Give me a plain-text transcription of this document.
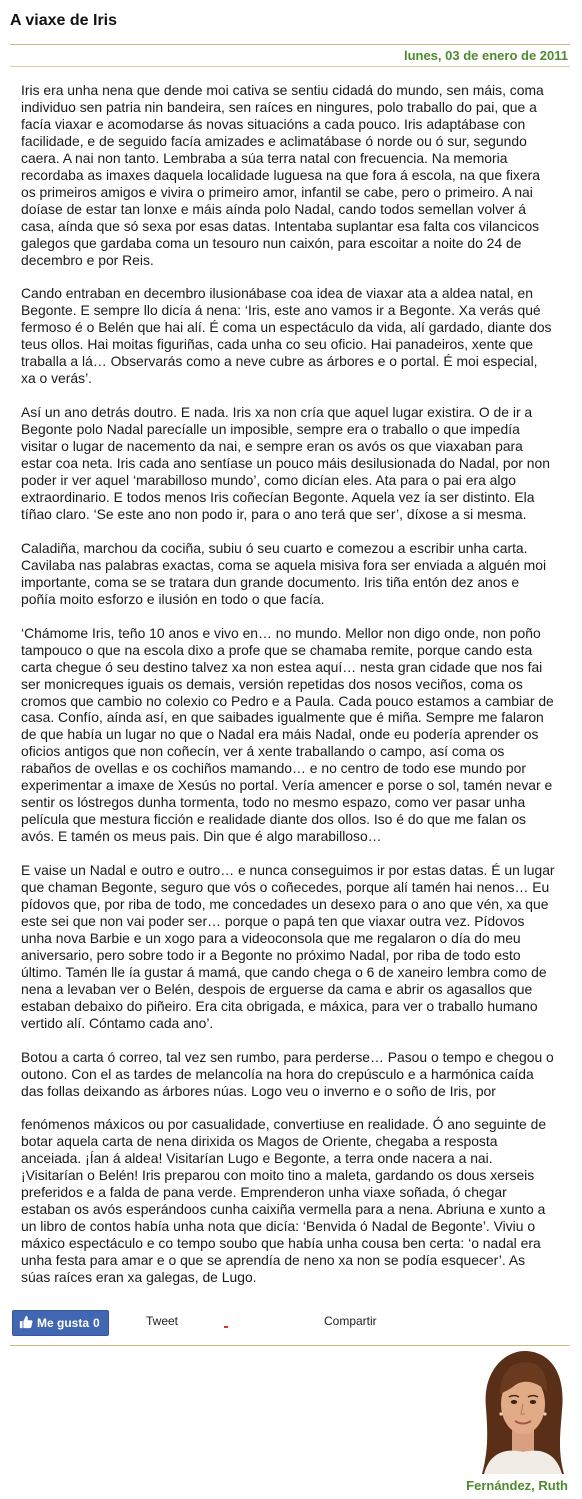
A viaxe de Iris
lunes, 03 de enero de 2011

Iris era unha nena que dende moi cativa se sentiu cidadá do mundo, sen máis, coma individuo sen patria nin bandeira, sen raíces en ningures, polo traballo do pai, que a facía viaxar e acomodarse ás novas situacións a cada pouco. Iris adaptábase con facilidade, e de seguido facía amizades e aclimatábase ó norde ou ó sur, segundo caera. A nai non tanto. Lembraba a súa terra natal con frecuencia. Na memoria recordaba as imaxes daquela localidade luguesa na que fora á escola, na que fixera os primeiros amigos e vivira o primeiro amor, infantil se cabe, pero o primeiro. A nai doíase de estar tan lonxe e máis aínda polo Nadal, cando todos semellan volver á casa, aínda que só sexa por esas datas. Intentaba suplantar esa falta cos vilancicos galegos que gardaba coma un tesouro nun caixón, para escoitar a noite do 24 de decembro e por Reis.

Cando entraban en decembro ilusionábase coa idea de viaxar ata a aldea natal, en Begonte. E sempre llo dicía á nena: ‘Iris, este ano vamos ir a Begonte. Xa verás qué fermoso é o Belén que hai alí. É coma un espectáculo da vida, alí gardado, diante dos teus ollos. Hai moitas figuriñas, cada unha co seu oficio. Hai panadeiros, xente que traballa a lá… Observarás como a neve cubre as árbores e o portal. É moi especial, xa o verás’.

Así un ano detrás doutro. E nada. Iris xa non cría que aquel lugar existira. O de ir a Begonte polo Nadal parecíalle un imposible, sempre era o traballo o que impedía visitar o lugar de nacemento da nai, e sempre eran os avós os que viaxaban para estar coa neta. Iris cada ano sentíase un pouco máis desilusionada do Nadal, por non poder ir ver aquel ‘marabilloso mundo’, como dicían eles. Ata para o pai era algo extraordinario. E todos menos Iris coñecían Begonte. Aquela vez ía ser distinto. Ela tíñao claro. ‘Se este ano non podo ir, para o ano terá que ser’, díxose a si mesma.

Caladiña, marchou da cociña, subiu ó seu cuarto e comezou a escribir unha carta. Cavilaba nas palabras exactas, coma se aquela misiva fora ser enviada a alguén moi importante, coma se se tratara dun grande documento. Iris tiña entón dez anos e poñía moito esforzo e ilusión en todo o que facía.

‘Chámome Iris, teño 10 anos e vivo en… no mundo. Mellor non digo onde, non poño tampouco o que na escola dixo a profe que se chamaba remite, porque cando esta carta chegue ó seu destino talvez xa non estea aquí… nesta gran cidade que nos fai ser monicreques iguais os demais, versión repetidas dos nosos veciños, coma os cromos que cambio no colexio co Pedro e a Paula. Cada pouco estamos a cambiar de casa. Confío, aínda así, en que saibades igualmente que é miña. Sempre me falaron de que había un lugar no que o Nadal era máis Nadal, onde eu podería aprender os oficios antigos que non coñecín, ver á xente traballando o campo, así coma os rabaños de ovellas e os cochiños mamando… e no centro de todo ese mundo por experimentar a imaxe de Xesús no portal. Vería amencer e porse o sol, tamén nevar e sentir os lóstregos dunha tormenta, todo no mesmo espazo, como ver pasar unha película que mestura ficción e realidade diante dos ollos. Iso é do que me falan os avós. E tamén os meus pais. Din que é algo marabilloso…

E vaise un Nadal e outro e outro… e nunca conseguimos ir por estas datas. É un lugar que chaman Begonte, seguro que vós o coñecedes, porque alí tamén hai nenos… Eu pídovos que, por riba de todo, me concedades un desexo para o ano que vén, xa que este sei que non vai poder ser… porque o papá ten que viaxar outra vez. Pídovos unha nova Barbie e un xogo para a videoconsola que me regalaron o día do meu aniversario, pero sobre todo ir a Begonte no próximo Nadal, por riba de todo esto último. Tamén lle ía gustar á mamá, que cando chega o 6 de xaneiro lembra como de nena a levaban ver o Belén, despois de erguerse da cama e abrir os agasallos que estaban debaixo do piñeiro. Era cita obrigada, e máxica, para ver o traballo humano vertido alí. Cóntamo cada ano’.

Botou a carta ó correo, tal vez sen rumbo, para perderse… Pasou o tempo e chegou o outono. Con el as tardes de melancolía na hora do crepúsculo e a harmónica caída das follas deixando as árbores núas. Logo veu o inverno e o soño de Iris, por

fenómenos máxicos ou por casualidade, convertiuse en realidade. Ó ano seguinte de botar aquela carta de nena dirixida os Magos de Oriente, chegaba a resposta anceiada. ¡Ían á aldea! Visitarían Lugo e Begonte, a terra onde nacera a nai. ¡Visitarían o Belén! Iris preparou con moito tino a maleta, gardando os dous xerseis preferidos e a falda de pana verde. Emprenderon unha viaxe soñada, ó chegar estaban os avós esperándoos cunha caixiña vermella para a nena. Abriuna e xunto a un libro de contos había unha nota que dicía: ‘Benvida ó Nadal de Begonte’. Viviu o máxico espectáculo e co tempo soubo que había unha cousa ben certa: ‘o nadal era unha festa para amar e o que se aprendía de neno xa non se podía esquecer’. As súas raíces eran xa galegas, de Lugo.

Me gusta 0	Tweet	Compartir
Fernández, Ruth
